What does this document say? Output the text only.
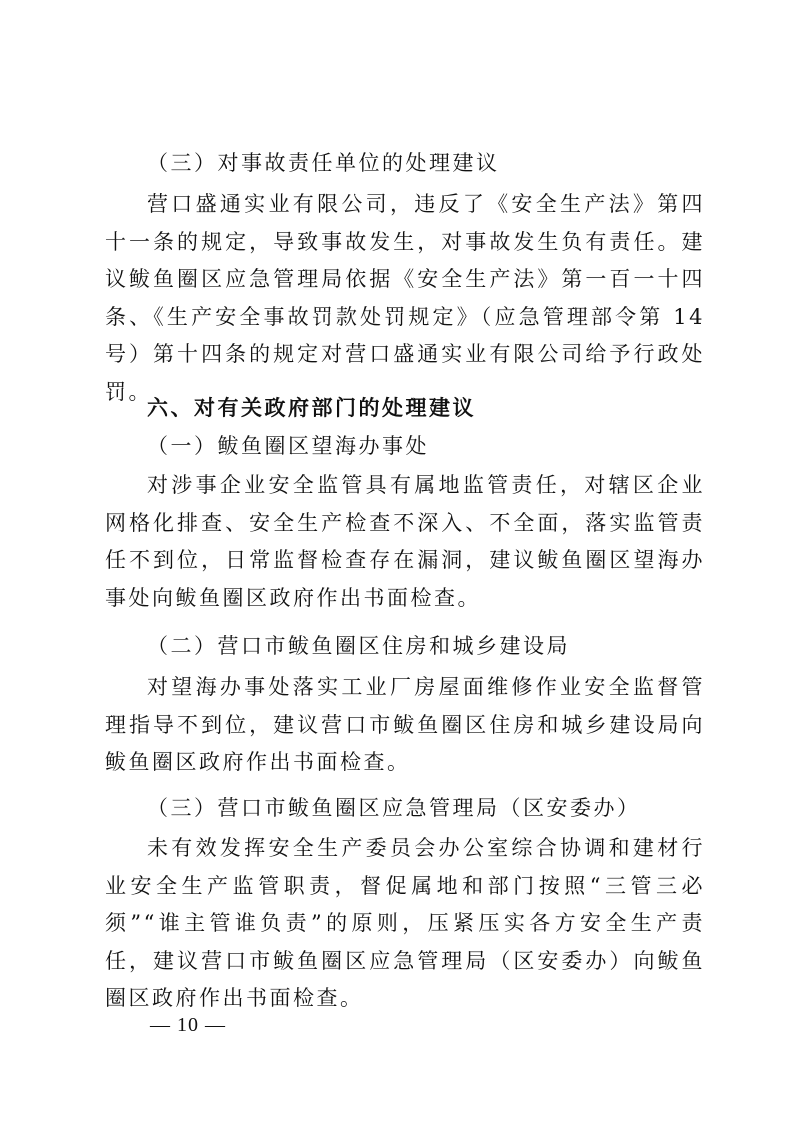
（三）对事故责任单位的处理建议

营口盛通实业有限公司，违反了《安全生产法》第四十一条的规定，导致事故发生，对事故发生负有责任。建议鲅鱼圈区应急管理局依据《安全生产法》第一百一十四条、《生产安全事故罚款处罚规定》（应急管理部令第 14 号）第十四条的规定对营口盛通实业有限公司给予行政处罚。

六、对有关政府部门的处理建议

（一）鲅鱼圈区望海办事处

对涉事企业安全监管具有属地监管责任，对辖区企业网格化排查、安全生产检查不深入、不全面，落实监管责任不到位，日常监督检查存在漏洞，建议鲅鱼圈区望海办事处向鲅鱼圈区政府作出书面检查。

（二）营口市鲅鱼圈区住房和城乡建设局

对望海办事处落实工业厂房屋面维修作业安全监督管理指导不到位，建议营口市鲅鱼圈区住房和城乡建设局向鲅鱼圈区政府作出书面检查。

（三）营口市鲅鱼圈区应急管理局（区安委办）

未有效发挥安全生产委员会办公室综合协调和建材行业安全生产监管职责，督促属地和部门按照“三管三必须”“谁主管谁负责”的原则，压紧压实各方安全生产责任，建议营口市鲅鱼圈区应急管理局（区安委办）向鲅鱼圈区政府作出书面检查。

— 10 —
